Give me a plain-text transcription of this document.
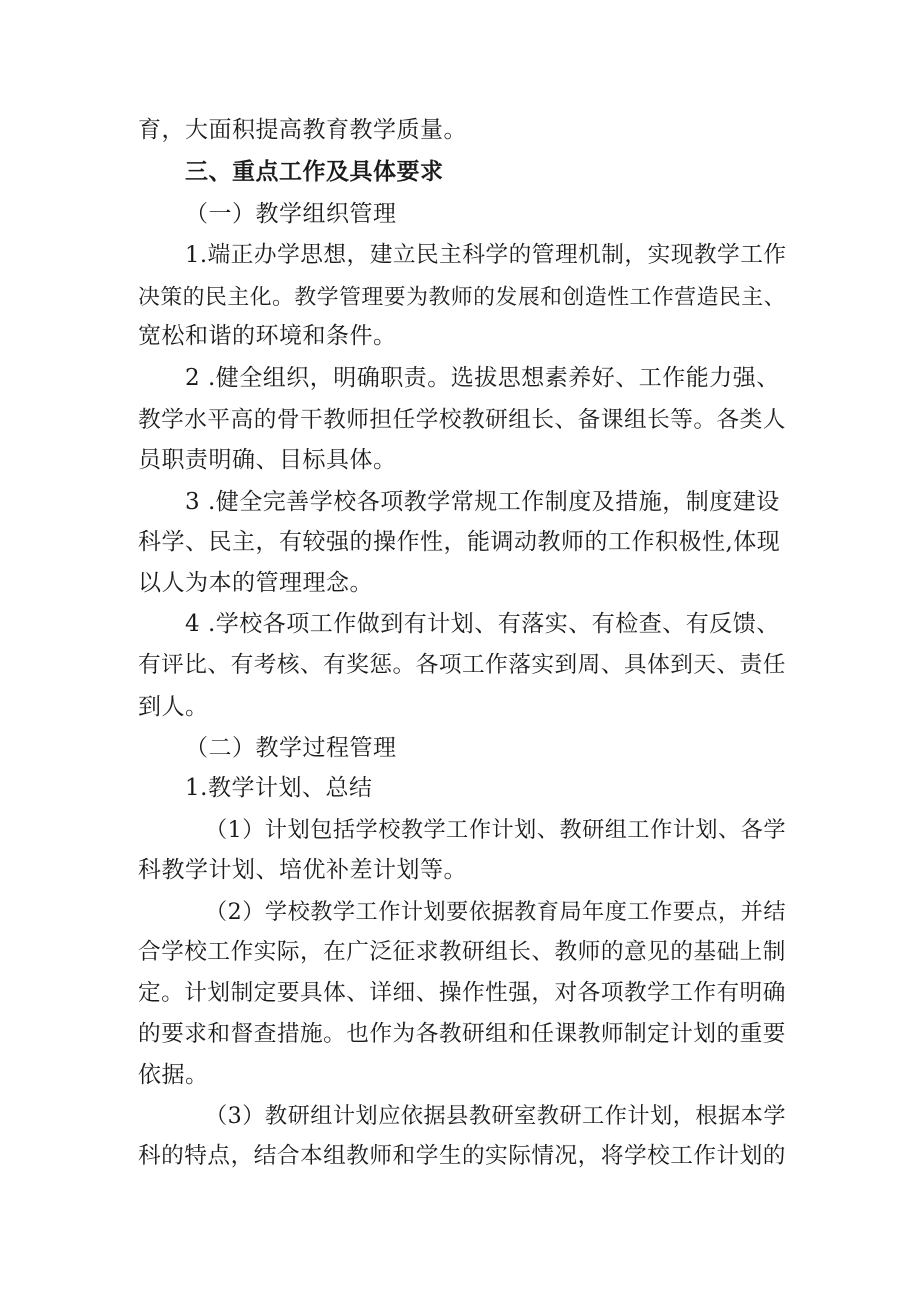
育，大面积提高教育教学质量。
三、重点工作及具体要求
（一）教学组织管理
1.端正办学思想，建立民主科学的管理机制，实现教学工作
决策的民主化。教学管理要为教师的发展和创造性工作营造民主、
宽松和谐的环境和条件。
2 .健全组织，明确职责。选拔思想素养好、工作能力强、
教学水平高的骨干教师担任学校教研组长、备课组长等。各类人
员职责明确、目标具体。
3 .健全完善学校各项教学常规工作制度及措施，制度建设
科学、民主，有较强的操作性，能调动教师的工作积极性,体现
以人为本的管理理念。
4 .学校各项工作做到有计划、有落实、有检查、有反馈、
有评比、有考核、有奖惩。各项工作落实到周、具体到天、责任
到人。
（二）教学过程管理
1.教学计划、总结
（1）计划包括学校教学工作计划、教研组工作计划、各学
科教学计划、培优补差计划等。
（2）学校教学工作计划要依据教育局年度工作要点，并结
合学校工作实际，在广泛征求教研组长、教师的意见的基础上制
定。计划制定要具体、详细、操作性强，对各项教学工作有明确
的要求和督查措施。也作为各教研组和任课教师制定计划的重要
依据。
（3）教研组计划应依据县教研室教研工作计划，根据本学
科的特点，结合本组教师和学生的实际情况，将学校工作计划的
